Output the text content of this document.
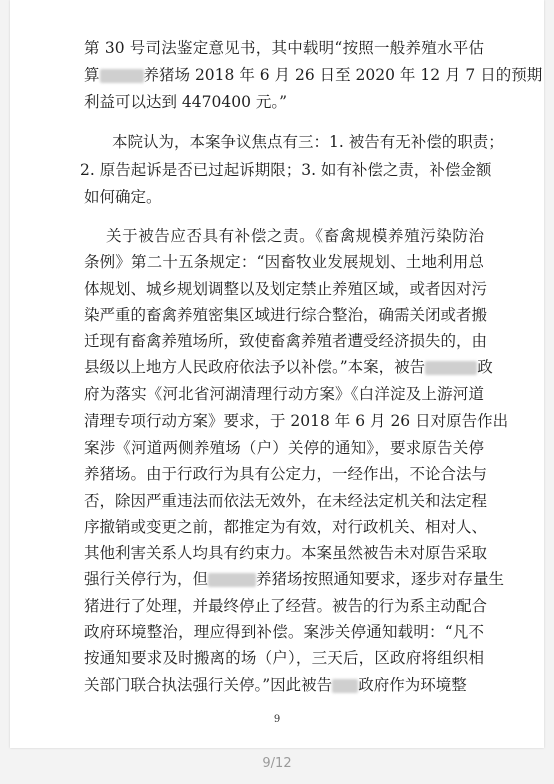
第 30 号司法鉴定意见书，其中载明“按照一般养殖水平估
算	养猪场 2018 年 6 月 26 日至 2020 年 12 月 7 日的预期
利益可以达到 4470400 元。”
本院认为，本案争议焦点有三：1. 被告有无补偿的职责；
2. 原告起诉是否已过起诉期限；3. 如有补偿之责，补偿金额
如何确定。
关于被告应否具有补偿之责。《畜禽规模养殖污染防治
条例》第二十五条规定：“因畜牧业发展规划、土地利用总
体规划、城乡规划调整以及划定禁止养殖区域，或者因对污
染严重的畜禽养殖密集区域进行综合整治，确需关闭或者搬
迁现有畜禽养殖场所，致使畜禽养殖者遭受经济损失的，由
县级以上地方人民政府依法予以补偿。”本案，被告	政
府为落实《河北省河湖清理行动方案》《白洋淀及上游河道
清理专项行动方案》要求，于 2018 年 6 月 26 日对原告作出
案涉《河道两侧养殖场（户）关停的通知》，要求原告关停
养猪场。由于行政行为具有公定力，一经作出，不论合法与
否，除因严重违法而依法无效外，在未经法定机关和法定程
序撤销或变更之前，都推定为有效，对行政机关、相对人、
其他利害关系人均具有约束力。本案虽然被告未对原告采取
强行关停行为，但	养猪场按照通知要求，逐步对存量生
猪进行了处理，并最终停止了经营。被告的行为系主动配合
政府环境整治，理应得到补偿。案涉关停通知载明：“凡不
按通知要求及时搬离的场（户），三天后，区政府将组织相
关部门联合执法强行关停。”因此被告 政府作为环境整
9
9/12
